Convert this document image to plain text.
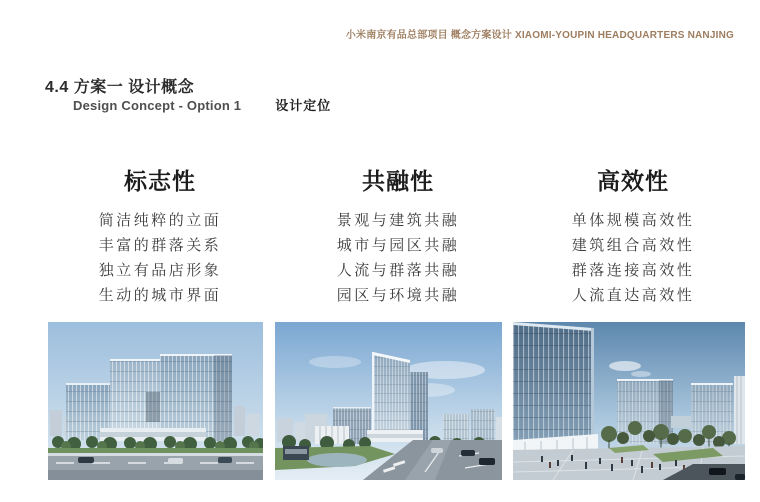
小米南京有品总部项目 概念方案设计 XIAOMI-YOUPIN HEADQUARTERS NANJING
4.4 方案一 设计概念
Design Concept - Option 1	设计定位
标志性

简洁纯粹的立面

丰富的群落关系

独立有品店形象

生动的城市界面

共融性

景观与建筑共融

城市与园区共融

人流与群落共融

园区与环境共融

高效性

单体规模高效性

建筑组合高效性

群落连接高效性

人流直达高效性
